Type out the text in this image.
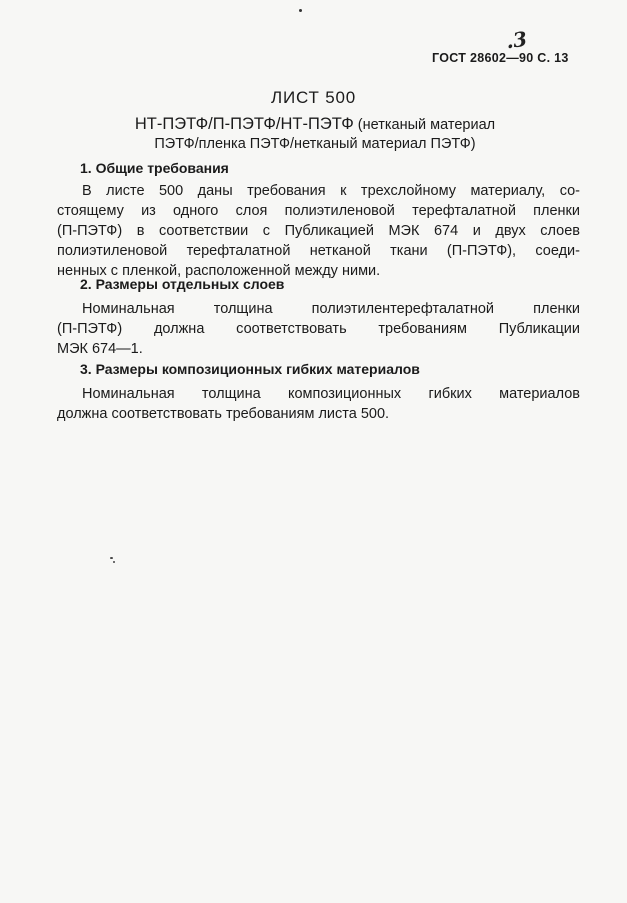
.3
ГОСТ 28602—90 С. 13
ЛИСТ 500
НТ-ПЭТФ/П-ПЭТФ/НТ-ПЭТФ (нетканый материал
ПЭТФ/пленка ПЭТФ/нетканый материал ПЭТФ)
1. Общие требования
В листе 500 даны требования к трехслойному материалу, со-
стоящему из одного слоя полиэтиленовой терефталатной пленки
(П-ПЭТФ) в соответствии с Публикацией МЭК 674 и двух слоев
полиэтиленовой терефталатной нетканой ткани (П-ПЭТФ), соеди-
ненных с пленкой, расположенной между ними.
2. Размеры отдельных слоев
Номинальная толщина полиэтилентерефталатной пленки
(П-ПЭТФ) должна соответствовать требованиям Публикации
МЭК 674—1.
3. Размеры композиционных гибких материалов
Номинальная толщина композиционных гибких материалов
должна соответствовать требованиям листа 500.
